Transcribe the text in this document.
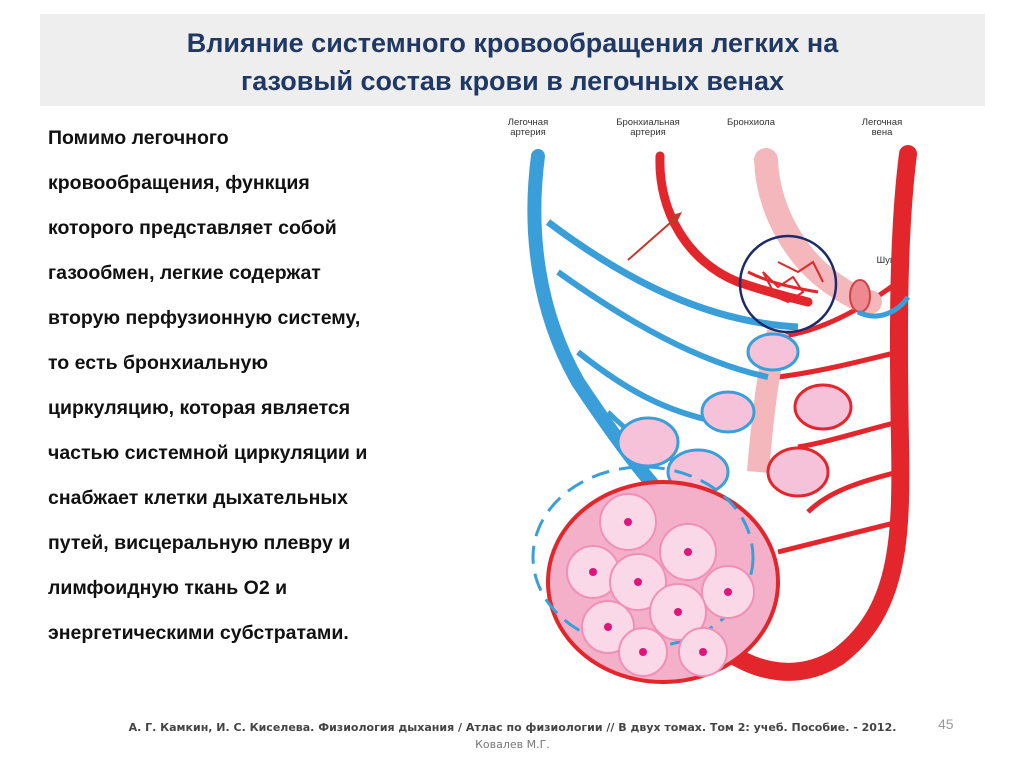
Влияние системного кровообращения легких на
газовый состав крови в легочных венах
Помимо легочного
кровообращения, функция
которого представляет собой
газообмен, легкие содержат
вторую перфузионную систему,
то есть бронхиальную
циркуляцию, которая является
частью системной циркуляции и
снабжает клетки дыхательных
путей, висцеральную плевру и
лимфоидную ткань О2 и
энергетическими субстратами.
Легочная
артерия
Бронхиальная
артерия
Бронхиола	Легочная
вена
Шунт
А. Г. Камкин, И. С. Киселева. Физиология дыхания / Атлас по физиологии // В двух томах. Том 2: учеб. Пособие. - 2012.
Ковалев М.Г.
45
